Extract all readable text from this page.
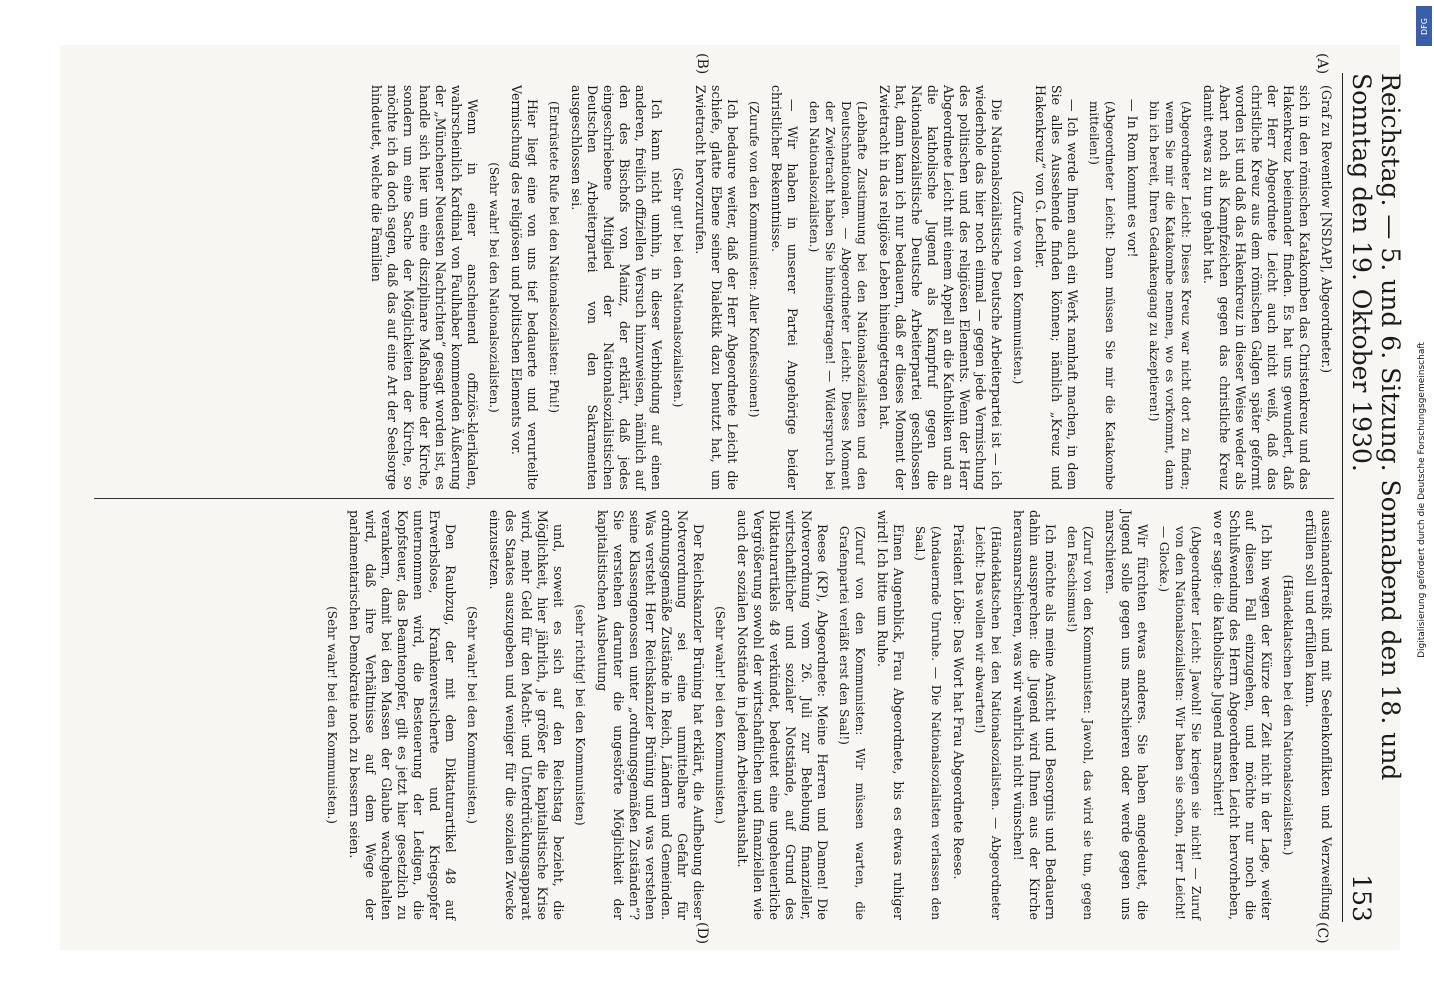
Reichstag. — 5. und 6. Sitzung. Sonnabend den 18. und Sonntag den 19. Oktober 1930.
153
(A)
(B)
(C)
(D)

(Graf zu Reventlow [NSDAP], Abgeordneter.)

sich in den römischen Katakomben das Christenkreuz und das Hakenkreuz beieinander finden. Es hat uns gewundert, daß der Herr Abgeordnete Leicht auch nicht weiß, daß das christliche Kreuz aus dem römischen Galgen später geformt worden ist und daß das Hakenkreuz in dieser Weise weder als Abart noch als Kampfzeichen gegen das christliche Kreuz damit etwas zu tun gehabt hat.

(Abgeordneter Leicht: Dieses Kreuz war nicht dort zu finden; wenn Sie mir die Katakombe nennen, wo es vorkommt, dann bin ich bereit, Ihren Gedankengang zu akzeptieren!)

— In Rom kommt es vor!

(Abgeordneter Leicht: Dann müssen Sie mir die Katakombe mitteilen!)

— Ich werde Ihnen auch ein Werk namhaft machen, in dem Sie alles Aussehende finden können; nämlich „Kreuz und Hakenkreuz“ von G. Lechler.

(Zurufe von den Kommunisten.)

Die Nationalsozialistische Deutsche Arbeiterpartei ist — ich wiederhole das hier noch einmal — gegen jede Vermischung des politischen und des religiösen Elements. Wenn der Herr Abgeordnete Leicht mit einem Appell an die Katholiken und an die katholische Jugend als Kampfruf gegen die Nationalsozialistische Deutsche Arbeiterpartei geschlossen hat, dann kann ich nur bedauern, daß er dieses Moment der Zwietracht in das religiöse Leben hineingetragen hat.

(Lebhafte Zustimmung bei den Nationalsozialisten und den Deutschnationalen. — Abgeordneter Leicht: Dieses Moment der Zwietracht haben Sie hineingetragen! — Widerspruch bei den Nationalsozialisten.)

— Wir haben in unserer Partei Angehörige beider christlicher Bekenntnisse.

(Zurufe von den Kommunisten: Aller Konfessionen!)

Ich bedaure weiter, daß der Herr Abgeordnete Leicht die schiefe, glatte Ebene seiner Dialektik dazu benutzt hat, um Zwietracht hervorzurufen.

(Sehr gut! bei den Nationalsozialisten.)

Ich kann nicht umhin, in dieser Verbindung auf einen anderen, freilich offiziellen Versuch hinzuweisen, nämlich auf den des Bischofs von Mainz, der erklärt, daß jedes eingeschriebene Mitglied der Nationalsozialistischen Deutschen Arbeiterpartei von den Sakramenten ausgeschlossen sei.

(Entrüstete Rufe bei den Nationalsozialisten: Pfui!)

Hier liegt eine von uns tief bedauerte und verurteilte Vermischung des religiösen und politischen Elements vor.

(Sehr wahr! bei den Nationalsozialisten.)

Wenn in einer anscheinend offiziös-klerikalen, wahrscheinlich Kardinal von Faulhaber kommenden Äußerung der „Münchener Neuesten Nachrichten“ gesagt worden ist, es handle sich hier um eine disziplinare Maßnahme der Kirche, sondern um eine Sache der Möglichkeiten der Kirche, so möchte ich da doch sagen, daß das auf eine Art der Seelsorge hindeutet, welche die Familien

auseinanderreißt und mit Seelenkonflikten und Verzweiflung erfüllen soll und erfüllen kann.

(Händeklatschen bei den Nationalsozialisten.)

Ich bin wegen der Kürze der Zeit nicht in der Lage, weiter auf diesen Fall einzugehen, und möchte nur noch die Schlußwendung des Herrn Abgeordneten Leicht hervorheben, wo er sagte: die katholische Jugend marschiert!

(Abgeordneter Leicht: Jawohl! Sie kriegen sie nicht! — Zuruf von den Nationalsozialisten: Wir haben sie schon, Herr Leicht! — Glocke.)

Wir fürchten etwas anderes. Sie haben angedeutet, die Jugend solle gegen uns marschieren oder werde gegen uns marschieren.

(Zuruf von den Kommunisten: Jawohl, das wird sie tun, gegen den Faschismus!)

Ich möchte als meine Ansicht und Besorgnis und Bedauern dahin aussprechen: die Jugend wird Ihnen aus der Kirche herausmarschieren, was wir wahrlich nicht wünschen!

(Händeklatschen bei den Nationalsozialisten. — Abgeordneter Leicht: Das wollen wir abwarten!)

Präsident Löbe: Das Wort hat Frau Abgeordnete Reese.

(Andauernde Unruhe. — Die Nationalsozialisten verlassen den Saal.)

Einen Augenblick, Frau Abgeordnete, bis es etwas ruhiger wird! Ich bitte um Ruhe.

(Zuruf von den Kommunisten: Wir müssen warten, die Grafenpartei verläßt erst den Saal!)

Reese (KP), Abgeordnete: Meine Herren und Damen! Die Notverordnung vom 26. Juli zur Behebung finanzieller, wirtschaftlicher und sozialer Notstände, auf Grund des Diktaturartikels 48 verkündet, bedeutet eine ungeheuerliche Vergrößerung sowohl der wirtschaftlichen und finanziellen wie auch der sozialen Notstände in jedem Arbeiterhaushalt.

(Sehr wahr! bei den Kommunisten.)

Der Reichskanzler Brüning hat erklärt, die Aufhebung dieser Notverordnung sei eine unmittelbare Gefahr für ordnungsgemäße Zustände in Reich, Ländern und Gemeinden. Was versteht Herr Reichskanzler Brüning und was verstehen seine Klassengenossen unter „ordnungsgemäßen Zuständen“? Sie verstehen darunter die ungestörte Möglichkeit der kapitalistischen Ausbeutung

(sehr richtig! bei den Kommunisten)

und, soweit es sich auf den Reichstag bezieht, die Möglichkeit, hier jährlich, je größer die kapitalistische Krise wird, mehr Geld für den Macht- und Unterdrückungsapparat des Staates auszugeben und weniger für die sozialen Zwecke einzusetzen.

(Sehr wahr! bei den Kommunisten.)

Den Raubzug, der mit dem Diktaturartikel 48 auf Erwerbslose, Krankenversicherte und Kriegsopfer unternommen wird, die Besteuerung der Ledigen, die Kopfsteuer, das Beamtenopfer, gilt es jetzt hier gesetzlich zu verankern, damit bei den Massen der Glaube wachgehalten wird, daß ihre Verhältnisse auf dem Wege der parlamentarischen Demokratie noch zu bessern seien.

(Sehr wahr! bei den Kommunisten.)

DFG
Digitalisierung gefördert durch die Deutsche Forschungsgemeinschaft
